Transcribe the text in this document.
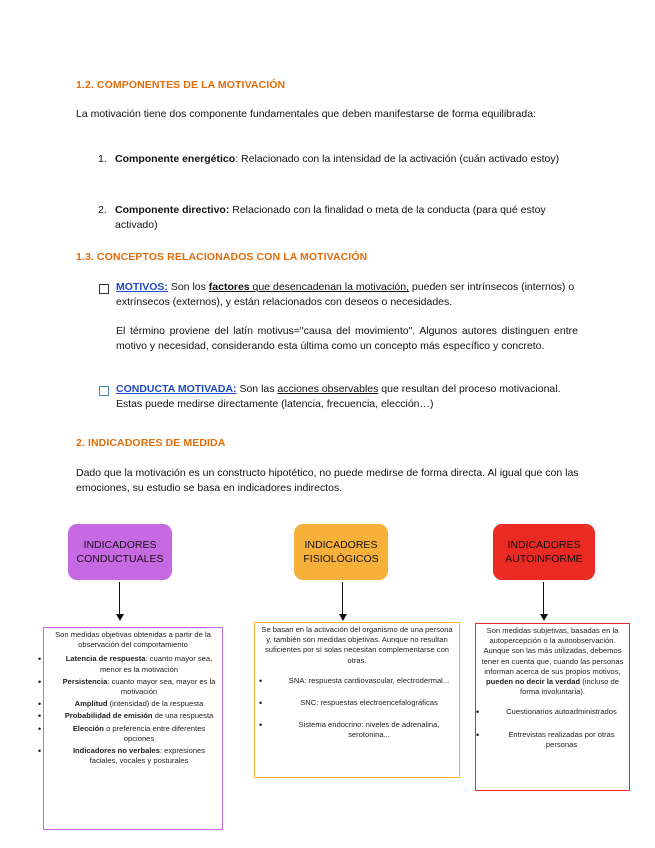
1.2. COMPONENTES DE LA MOTIVACIÓN
La motivación tiene dos componente fundamentales que deben manifestarse de forma equilibrada:
1. Componente energético: Relacionado con la intensidad de la activación (cuán activado estoy)
2. Componente directivo: Relacionado con la finalidad o meta de la conducta (para qué estoy activado)
1.3. CONCEPTOS RELACIONADOS CON LA MOTIVACIÓN
MOTIVOS: Son los factores que desencadenan la motivación, pueden ser intrínsecos (internos) o extrínsecos (externos), y están relacionados con deseos o necesidades.
El término proviene del latín motivus="causa del movimiento". Algunos autores distinguen entre motivo y necesidad, considerando esta última como un concepto más específico y concreto.
CONDUCTA MOTIVADA: Son las acciones observables que resultan del proceso motivacional. Estas puede medirse directamente (latencia, frecuencia, elección…)
2. INDICADORES DE MEDIDA
Dado que la motivación es un constructo hipotético, no puede medirse de forma directa. Al igual que con las emociones, su estudio se basa en indicadores indirectos.
INDICADORES
CONDUCTUALES
INDICADORES
FISIOLÓGICOS
INDICADORES
AUTOINFORME

Son medidas objetivas obtenidas a partir de la observación del comportamiento

• Latencia de respuesta: cuanto mayor sea, menor es la motivación
• Persistencia: cuanto mayor sea, mayor es la motivación
• Amplitud (intensidad) de la respuesta
• Probabilidad de emisión de una respuesta
• Elección o preferencia entre diferentes opciones
• Indicadores no verbales: expresiones faciales, vocales y posturales

Se basan en la activación del organismo de una persona y, también son medidas objetivas. Aunque no resultan suficientes por sí solas necesitan complementarse con otras.

• SNA: respuesta cardiovascular, electrodermal...
• SNC: respuestas electroencefalográficas
• Sistema endocrino: niveles de adrenalina, serotonina...

Son medidas subjetivas, basadas en la autopercepción o la autoobservación. Aunque son las más utilizadas, debemos tener en cuenta que, cuando las personas informan acerca de sus propios motivos, pueden no decir la verdad (incluso de forma involuntaria).

• Cuestionarios autoadministrados
• Entrevistas realizadas por otras personas
